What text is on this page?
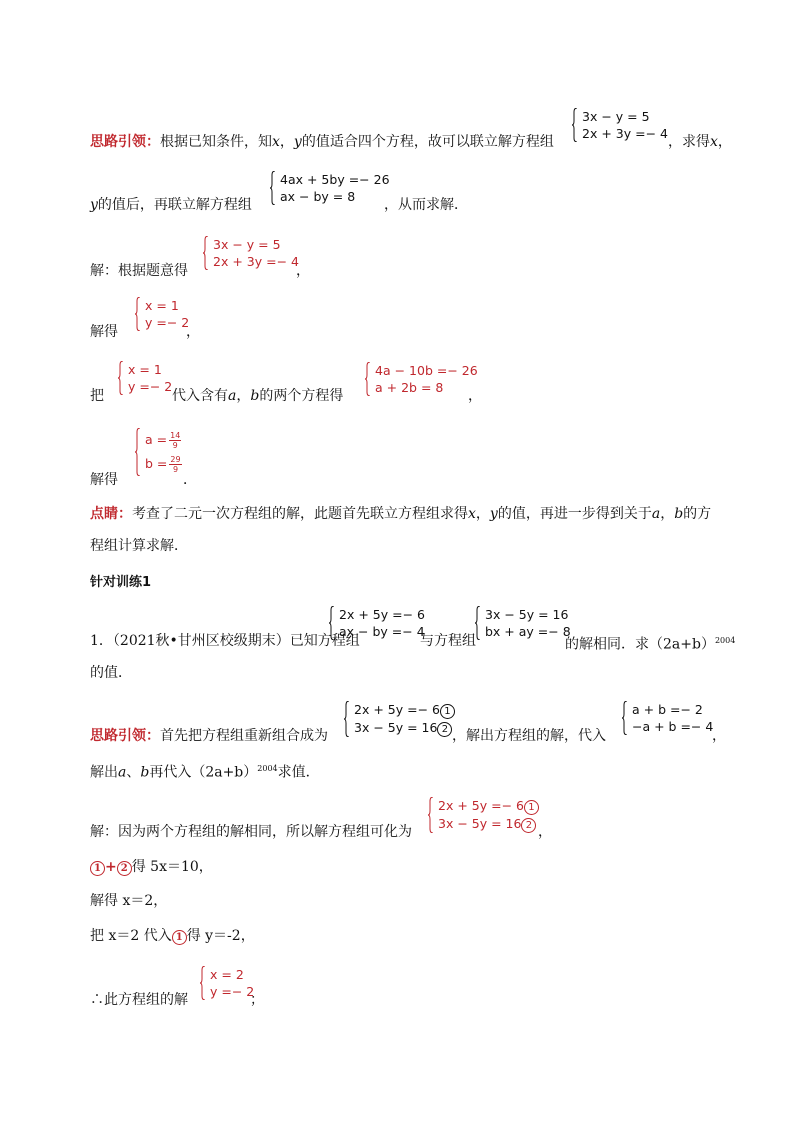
思路引领：根据已知条件，知x，y的值适合四个方程，故可以联立解方程组
3x − y = 5
2x + 3y =− 4
，求得x，
y的值后，再联立解方程组
4ax + 5by =− 26
ax − by = 8
，从而求解．
解：根据题意得
3x − y = 5
2x + 3y =− 4
，
解得
x = 1
y =− 2
，
把
x = 1
y =− 2
代入含有a，b的两个方程得
4a − 10b =− 26
a + 2b = 8
，
解得
$a = \frac{14}{9}$
$b = \frac{29}{9}$
．
点睛：考查了二元一次方程组的解，此题首先联立方程组求得x，y的值，再进一步得到关于a，b的方
程组计算求解．
针对训练1
1．（2021秋•甘州区校级期末）已知方程组
2x + 5y =− 6
ax − by =− 4
与方程组
3x − 5y = 16
bx + ay =− 8
的解相同．求$(2a+b)^{2004}$
的值．
思路引领：首先把方程组重新组合成为
2x + 5y =− 6 1
3x − 5y = 16 2 ，解出方程组的解，代入
a + b =− 2
−a + b =− 4
，
解出a、b再代入$(2a+b)^{2004}$求值．
解：因为两个方程组的解相同，所以解方程组可化为
2x + 5y =− 6 1
3x − 5y = 16 2 ，
1 + 2 得 5x＝10，
解得 x＝2，
把 x＝2 代入 1 得 y＝-2，
∴此方程组的解
x = 2
y =− 2
；
